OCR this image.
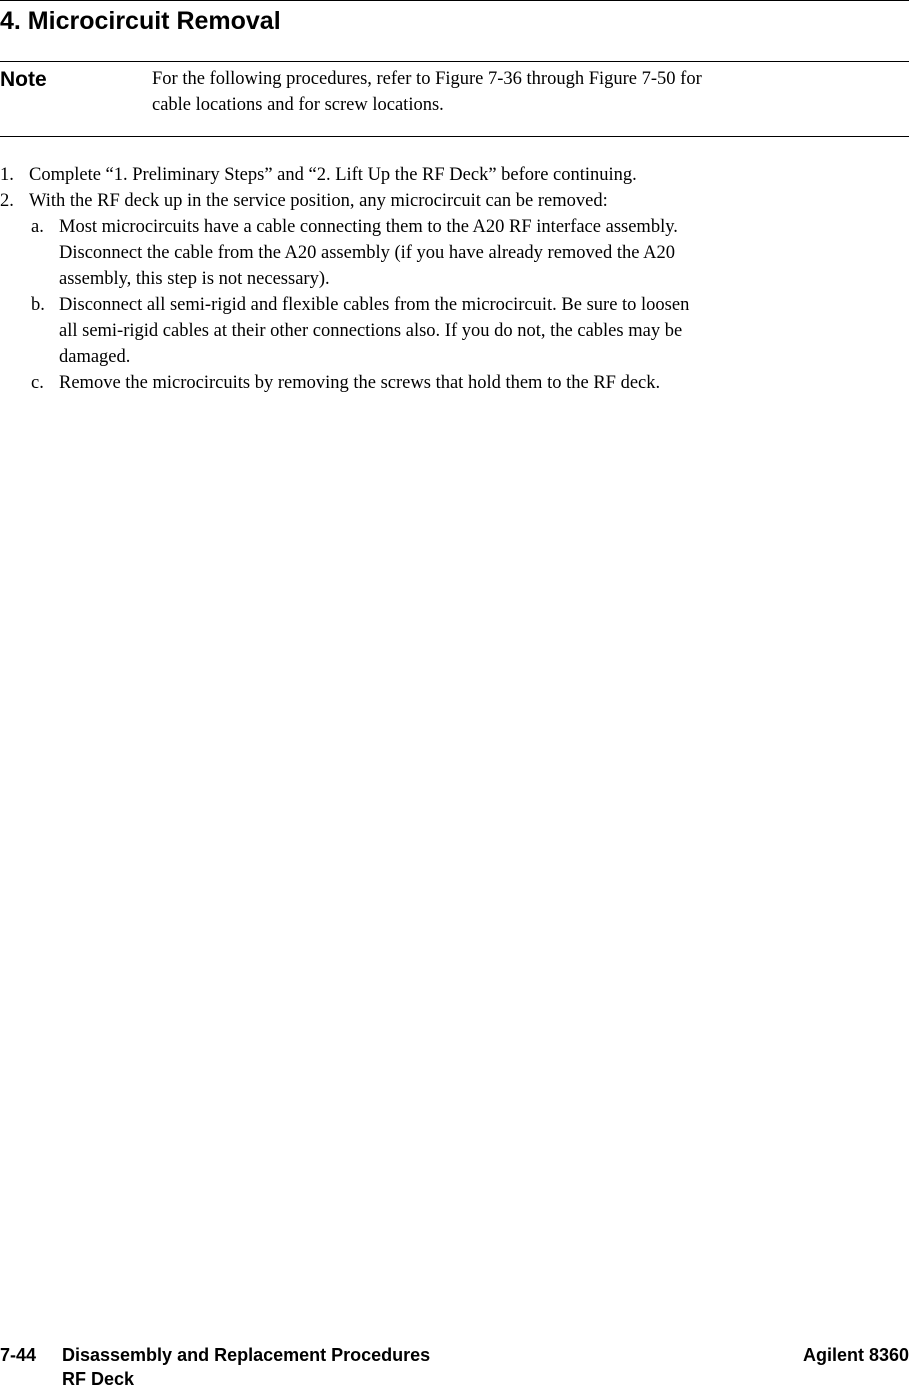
4. Microcircuit Removal
Note	For the following procedures, refer to Figure 7-36 through Figure 7-50 for
cable locations and for screw locations.
1. Complete “1. Preliminary Steps” and “2. Lift Up the RF Deck” before continuing.
2. With the RF deck up in the service position, any microcircuit can be removed:
a. Most microcircuits have a cable connecting them to the A20 RF interface assembly.
Disconnect the cable from the A20 assembly (if you have already removed the A20
assembly, this step is not necessary).
b. Disconnect all semi-rigid and flexible cables from the microcircuit. Be sure to loosen
all semi-rigid cables at their other connections also. If you do not, the cables may be
damaged.
c. Remove the microcircuits by removing the screws that hold them to the RF deck.
7-44 Disassembly and Replacement Procedures
RF Deck
Agilent 8360
